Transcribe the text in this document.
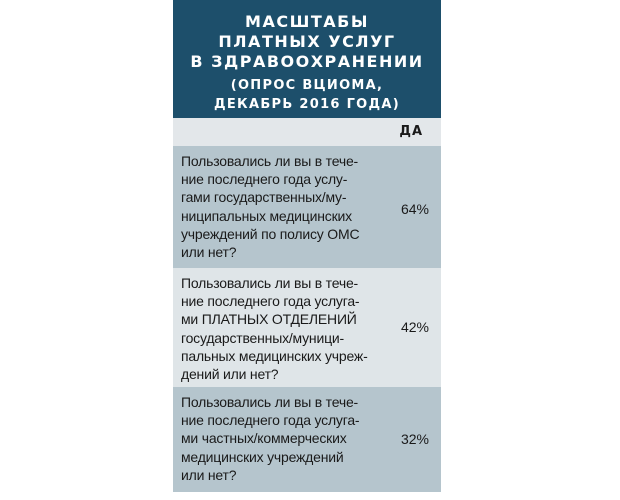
МАСШТАБЫ
ПЛАТНЫХ УСЛУГ
В ЗДРАВООХРАНЕНИИ
(ОПРОС ВЦИОМА,
ДЕКАБРЬ 2016 ГОДА)
ДА
Пользовались ли вы в тече-
ние последнего года услу-
гами государственных/му-
ниципальных медицинских
учреждений по полису ОМС
или нет?
64%
Пользовались ли вы в тече-
ние последнего года услуга-
ми ПЛАТНЫХ ОТДЕЛЕНИЙ
государственных/муници-
пальных медицинских учреж-
дений или нет?
42%
Пользовались ли вы в тече-
ние последнего года услуга-
ми частных/коммерческих
медицинских учреждений
или нет?
32%
